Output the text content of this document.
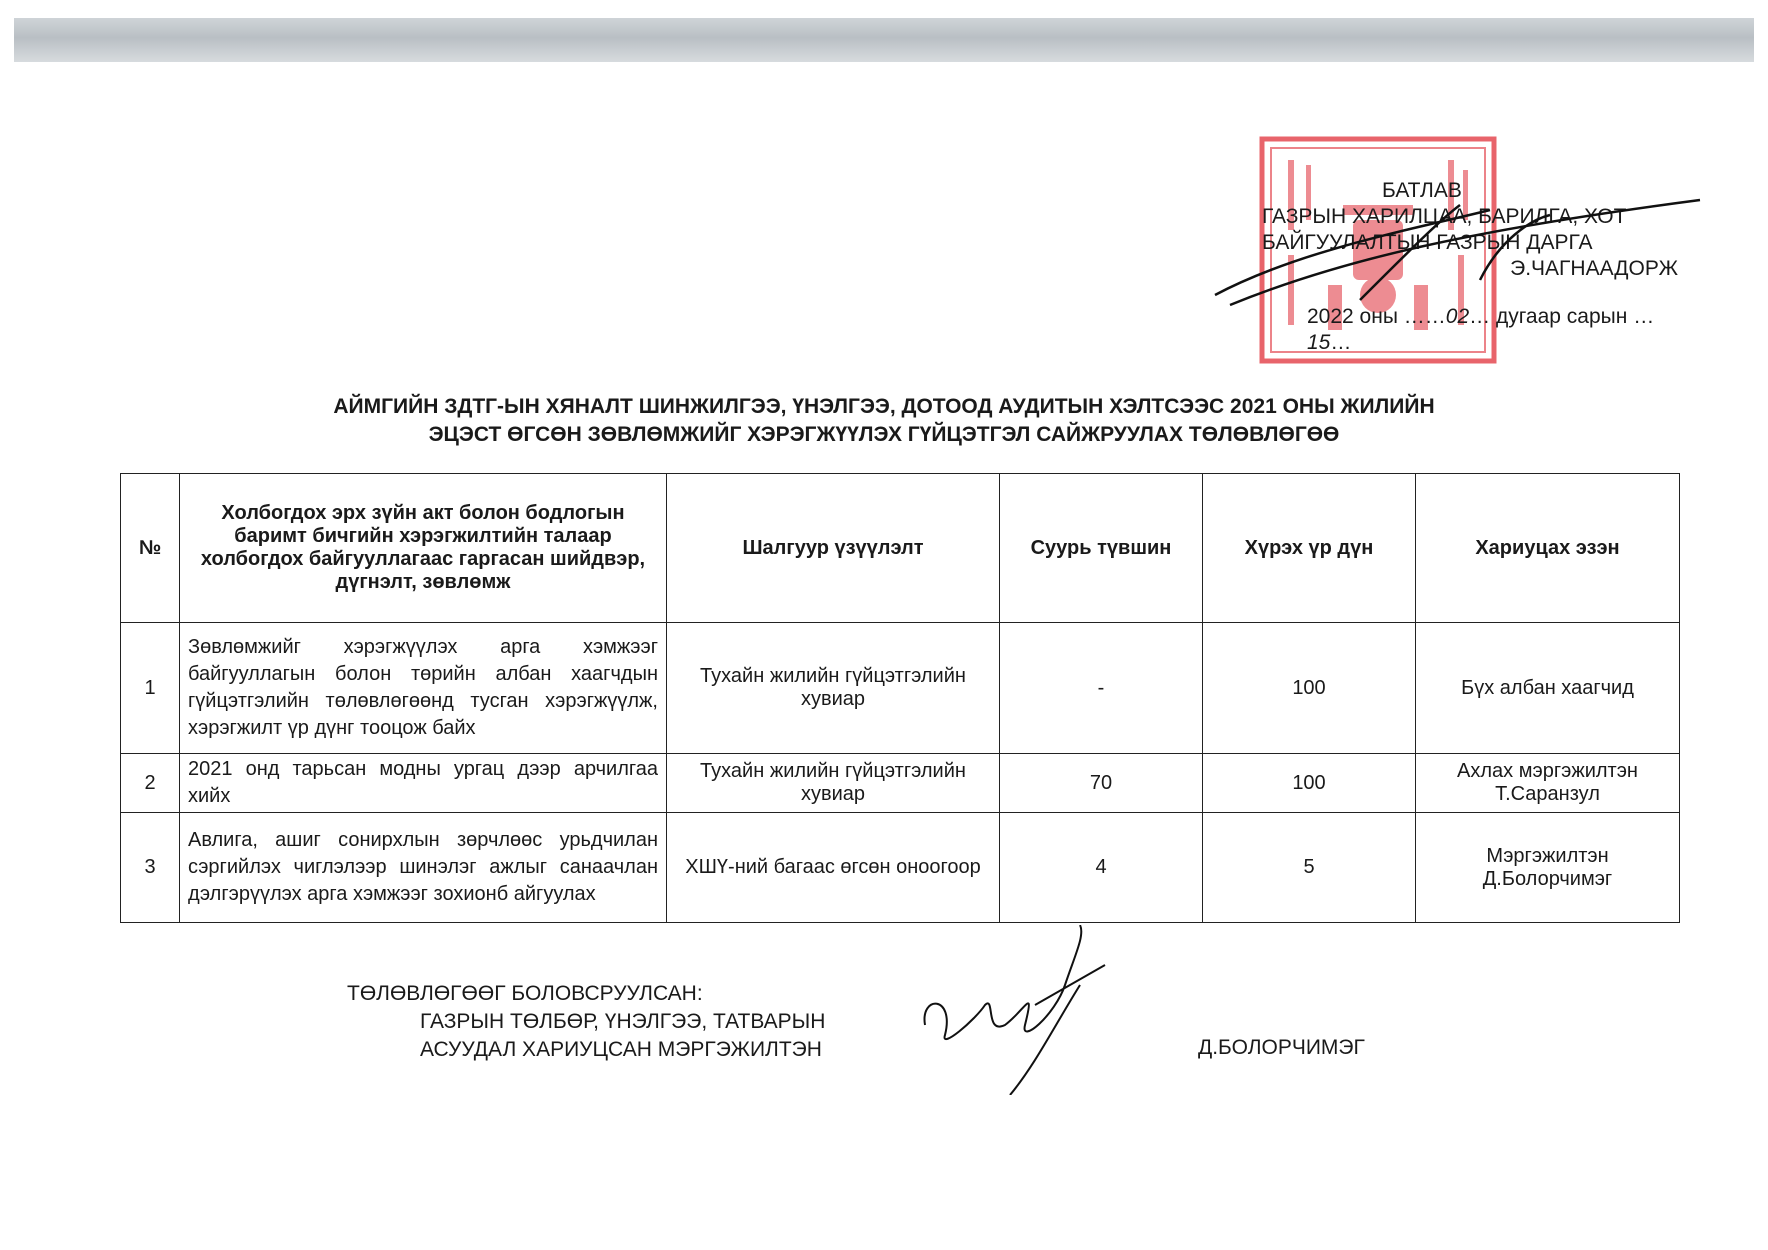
БАТЛАВ
ГАЗРЫН ХАРИЛЦАА, БАРИЛГА, ХОТ
БАЙГУУЛАЛТЫН ГАЗРЫН ДАРГА
Э.ЧАГНААДОРЖ
2022 оны ……02… дугаар сарын …15…
АЙМГИЙН ЗДТГ-ЫН ХЯНАЛТ ШИНЖИЛГЭЭ, ҮНЭЛГЭЭ, ДОТООД АУДИТЫН ХЭЛТСЭЭС 2021 ОНЫ ЖИЛИЙН
ЭЦЭСТ ӨГСӨН ЗӨВЛӨМЖИЙГ ХЭРЭГЖҮҮЛЭХ ГҮЙЦЭТГЭЛ САЙЖРУУЛАХ ТӨЛӨВЛӨГӨӨ
№	Холбогдох эрх зүйн акт болон бодлогын баримт бичгийн хэрэгжилтийн талаар холбогдох байгууллагаас гаргасан шийдвэр, дүгнэлт, зөвлөмж	Шалгуур үзүүлэлт	Суурь түвшин	Хүрэх үр дүн	Хариуцах эзэн
1	Зөвлөмжийг хэрэгжүүлэх арга хэмжээг байгууллагын болон төрийн албан хаагчдын гүйцэтгэлийн төлөвлөгөөнд тусган хэрэгжүүлж, хэрэгжилт үр дүнг тооцож байх	Тухайн жилийн гүйцэтгэлийн хувиар	-	100	Бүх албан хаагчид
2	2021 онд тарьсан модны ургац дээр арчилгаа хийх	Тухайн жилийн гүйцэтгэлийн хувиар	70	100	Ахлах мэргэжилтэн Т.Саранзул
3	Авлига, ашиг сонирхлын зөрчлөөс урьдчилан сэргийлэх чиглэлээр шинэлэг ажлыг санаачлан дэлгэрүүлэх арга хэмжээг зохионб айгуулах	ХШҮ-ний багаас өгсөн оноогоор	4	5	Мэргэжилтэн Д.Болорчимэг
ТӨЛӨВЛӨГӨӨГ БОЛОВСРУУЛСАН:
ГАЗРЫН ТӨЛБӨР, ҮНЭЛГЭЭ, ТАТВАРЫН
АСУУДАЛ ХАРИУЦСАН МЭРГЭЖИЛТЭН	Д.БОЛОРЧИМЭГ
